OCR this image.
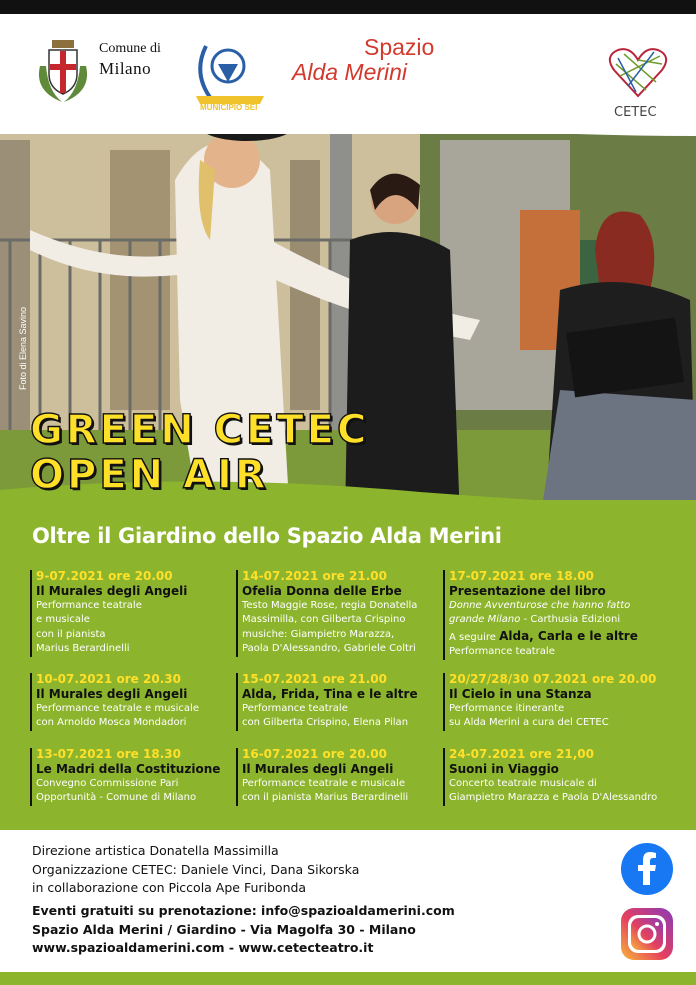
Foto di Elena Savino
Comune di
Milano
MUNICIPIO SEI
Spazio
Alda Merini
CETEC
GREEN CETEC
OPEN AIR
Oltre il Giardino dello Spazio Alda Merini
9-07.2021 ore 20.00
Il Murales degli Angeli
Performance teatrale
e musicale
con il pianista
Marius Berardinelli
10-07.2021 ore 20.30
Il Murales degli Angeli
Performance teatrale e musicale
con Arnoldo Mosca Mondadori
13-07.2021 ore 18.30
Le Madri della Costituzione
Convegno Commissione Pari
Opportunità - Comune di Milano
14-07.2021 ore 21.00
Ofelia Donna delle Erbe
Testo Maggie Rose, regia Donatella
Massimilla, con Gilberta Crispino
musiche: Giampietro Marazza,
Paola D'Alessandro, Gabriele Coltri
15-07.2021 ore 21.00
Alda, Frida, Tina e le altre
Performance teatrale
con Gilberta Crispino, Elena Pilan
16-07.2021 ore 20.00
Il Murales degli Angeli
Performance teatrale e musicale
con il pianista Marius Berardinelli
17-07.2021 ore 18.00
Presentazione del libro
Donne Avventurose che hanno fatto
grande Milano - Carthusia Edizioni
A seguire Alda, Carla e le altre
Performance teatrale
20/27/28/30 07.2021 ore 20.00
Il Cielo in una Stanza
Performance itinerante
su Alda Merini a cura del CETEC
24-07.2021 ore 21,00
Suoni in Viaggio
Concerto teatrale musicale di
Giampietro Marazza e Paola D'Alessandro
Direzione artistica Donatella Massimilla
Organizzazione CETEC: Daniele Vinci, Dana Sikorska
in collaborazione con Piccola Ape Furibonda
Eventi gratuiti su prenotazione: info@spazioaldamerini.com
Spazio Alda Merini / Giardino - Via Magolfa 30 - Milano
www.spazioaldamerini.com - www.cetecteatro.it
